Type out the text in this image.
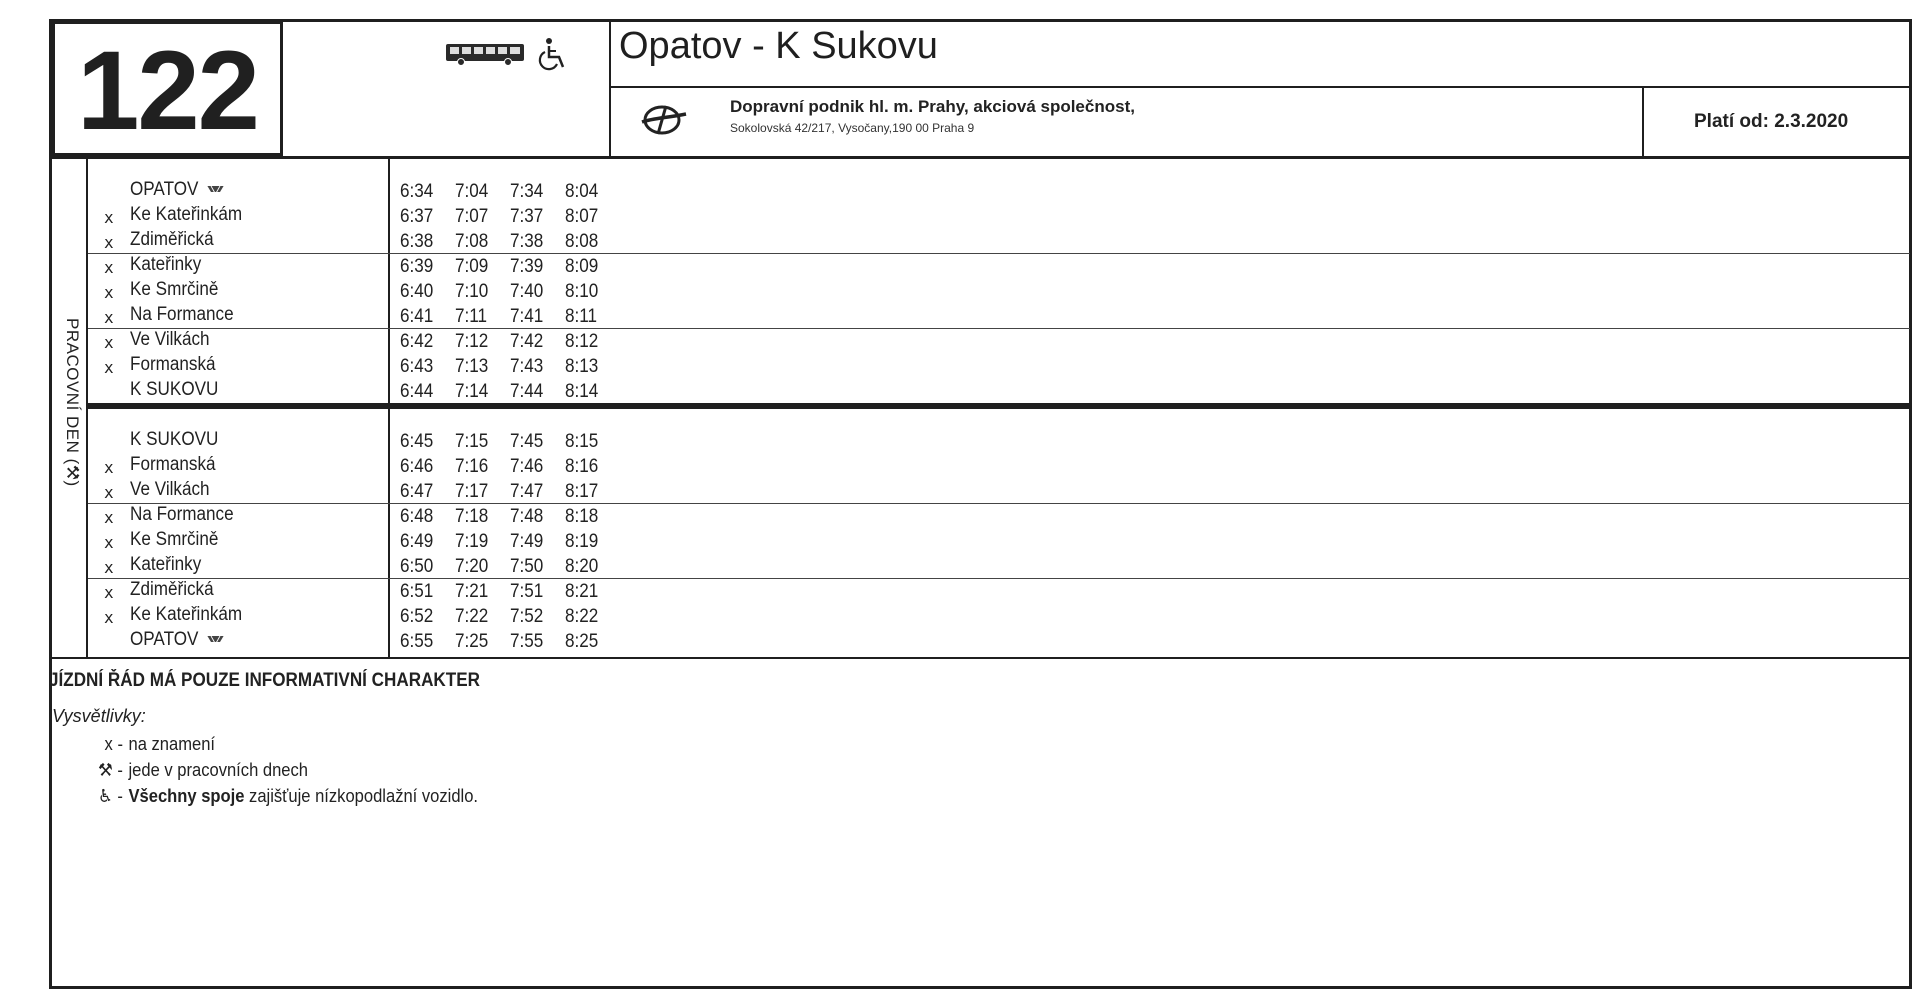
122	Opatov - K Sukovu
Dopravní podnik hl. m. Prahy, akciová společnost,
Sokolovská 42/217, Vysočany,190 00 Praha 9	Platí od: 2.3.2020
PRACOVNÍ DEN (⚒)
OPATOV	6:34	7:04	7:34	8:04
x Ke Kateřinkám	6:37	7:07	7:37	8:07
x Zdiměřická	6:38	7:08	7:38	8:08
x Kateřinky	6:39	7:09	7:39	8:09
x Ke Smrčině	6:40	7:10	7:40	8:10
x Na Formance	6:41	7:11	7:41	8:11
x Ve Vilkách	6:42	7:12	7:42	8:12
x Formanská	6:43	7:13	7:43	8:13
K SUKOVU	6:44	7:14	7:44	8:14
K SUKOVU	6:45	7:15	7:45	8:15
x Formanská	6:46	7:16	7:46	8:16
x Ve Vilkách	6:47	7:17	7:47	8:17
x Na Formance	6:48	7:18	7:48	8:18
x Ke Smrčině	6:49	7:19	7:49	8:19
x Kateřinky	6:50	7:20	7:50	8:20
x Zdiměřická	6:51	7:21	7:51	8:21
x Ke Kateřinkám	6:52	7:22	7:52	8:22
OPATOV	6:55	7:25	7:55	8:25
JÍZDNÍ ŘÁD MÁ POUZE INFORMATIVNÍ CHARAKTER
Vysvětlivky:
x - na znamení
⚒ - jede v pracovních dnech
♿ - Všechny spoje zajišťuje nízkopodlažní vozidlo.
